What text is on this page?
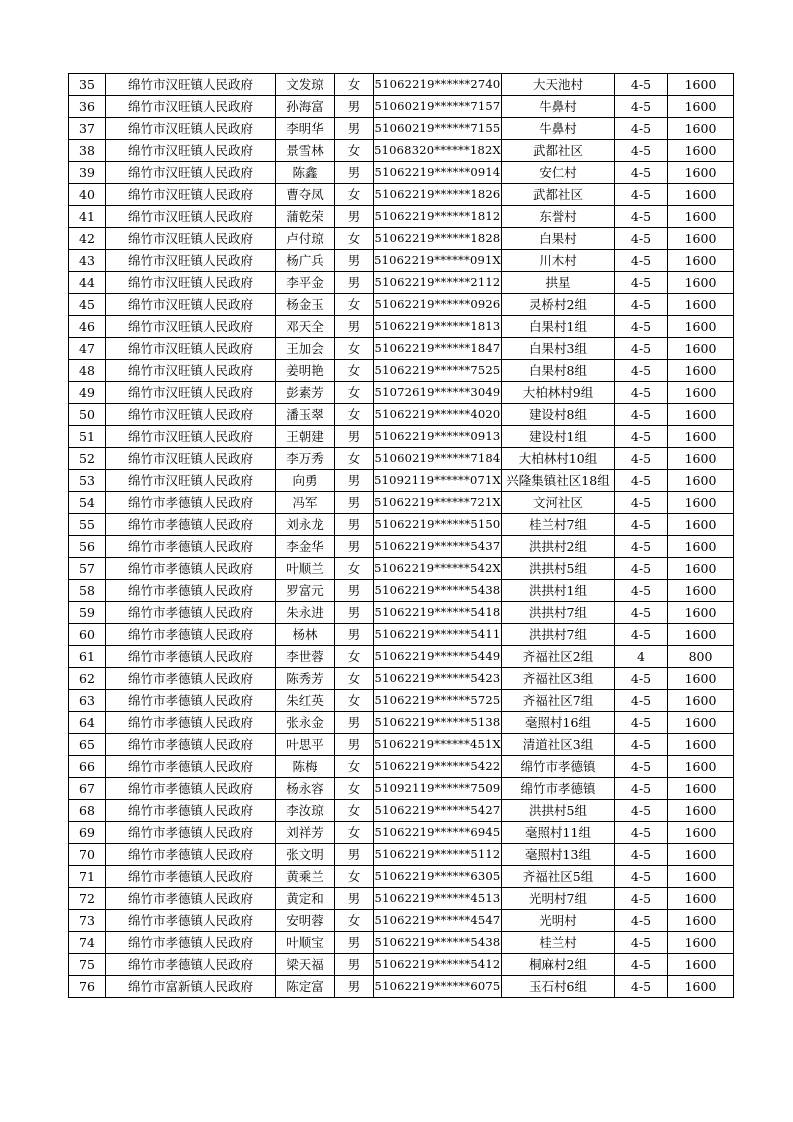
35	绵竹市汉旺镇人民政府	文发琼	女	51062219******2740	大天池村	4-5	1600
36	绵竹市汉旺镇人民政府	孙海富	男	51060219******7157	牛鼻村	4-5	1600
37	绵竹市汉旺镇人民政府	李明华	男	51060219******7155	牛鼻村	4-5	1600
38	绵竹市汉旺镇人民政府	景雪林	女	51068320******182X	武都社区	4-5	1600
39	绵竹市汉旺镇人民政府	陈鑫	男	51062219******0914	安仁村	4-5	1600
40	绵竹市汉旺镇人民政府	曹夺凤	女	51062219******1826	武都社区	4-5	1600
41	绵竹市汉旺镇人民政府	蒲乾荣	男	51062219******1812	东誉村	4-5	1600
42	绵竹市汉旺镇人民政府	卢付琼	女	51062219******1828	白果村	4-5	1600
43	绵竹市汉旺镇人民政府	杨广兵	男	51062219******091X	川木村	4-5	1600
44	绵竹市汉旺镇人民政府	李平金	男	51062219******2112	拱星	4-5	1600
45	绵竹市汉旺镇人民政府	杨金玉	女	51062219******0926	灵桥村2组	4-5	1600
46	绵竹市汉旺镇人民政府	邓天全	男	51062219******1813	白果村1组	4-5	1600
47	绵竹市汉旺镇人民政府	王加会	女	51062219******1847	白果村3组	4-5	1600
48	绵竹市汉旺镇人民政府	姜明艳	女	51062219******7525	白果村8组	4-5	1600
49	绵竹市汉旺镇人民政府	彭素芳	女	51072619******3049	大柏林村9组	4-5	1600
50	绵竹市汉旺镇人民政府	潘玉翠	女	51062219******4020	建设村8组	4-5	1600
51	绵竹市汉旺镇人民政府	王朝建	男	51062219******0913	建设村1组	4-5	1600
52	绵竹市汉旺镇人民政府	李万秀	女	51060219******7184	大柏林村10组	4-5	1600
53	绵竹市汉旺镇人民政府	向勇	男	51092119******071X	兴隆集镇社区18组	4-5	1600
54	绵竹市孝德镇人民政府	冯军	男	51062219******721X	文河社区	4-5	1600
55	绵竹市孝德镇人民政府	刘永龙	男	51062219******5150	桂兰村7组	4-5	1600
56	绵竹市孝德镇人民政府	李金华	男	51062219******5437	洪拱村2组	4-5	1600
57	绵竹市孝德镇人民政府	叶顺兰	女	51062219******542X	洪拱村5组	4-5	1600
58	绵竹市孝德镇人民政府	罗富元	男	51062219******5438	洪拱村1组	4-5	1600
59	绵竹市孝德镇人民政府	朱永进	男	51062219******5418	洪拱村7组	4-5	1600
60	绵竹市孝德镇人民政府	杨林	男	51062219******5411	洪拱村7组	4-5	1600
61	绵竹市孝德镇人民政府	李世蓉	女	51062219******5449	齐福社区2组	4	800
62	绵竹市孝德镇人民政府	陈秀芳	女	51062219******5423	齐福社区3组	4-5	1600
63	绵竹市孝德镇人民政府	朱红英	女	51062219******5725	齐福社区7组	4-5	1600
64	绵竹市孝德镇人民政府	张永金	男	51062219******5138	毫照村16组	4-5	1600
65	绵竹市孝德镇人民政府	叶思平	男	51062219******451X	清道社区3组	4-5	1600
66	绵竹市孝德镇人民政府	陈梅	女	51062219******5422	绵竹市孝德镇	4-5	1600
67	绵竹市孝德镇人民政府	杨永容	女	51092119******7509	绵竹市孝德镇	4-5	1600
68	绵竹市孝德镇人民政府	李汝琼	女	51062219******5427	洪拱村5组	4-5	1600
69	绵竹市孝德镇人民政府	刘祥芳	女	51062219******6945	毫照村11组	4-5	1600
70	绵竹市孝德镇人民政府	张文明	男	51062219******5112	毫照村13组	4-5	1600
71	绵竹市孝德镇人民政府	黄乘兰	女	51062219******6305	齐福社区5组	4-5	1600
72	绵竹市孝德镇人民政府	黄定和	男	51062219******4513	光明村7组	4-5	1600
73	绵竹市孝德镇人民政府	安明蓉	女	51062219******4547	光明村	4-5	1600
74	绵竹市孝德镇人民政府	叶顺宝	男	51062219******5438	桂兰村	4-5	1600
75	绵竹市孝德镇人民政府	梁天福	男	51062219******5412	桐麻村2组	4-5	1600
76	绵竹市富新镇人民政府	陈定富	男	51062219******6075	玉石村6组	4-5	1600
